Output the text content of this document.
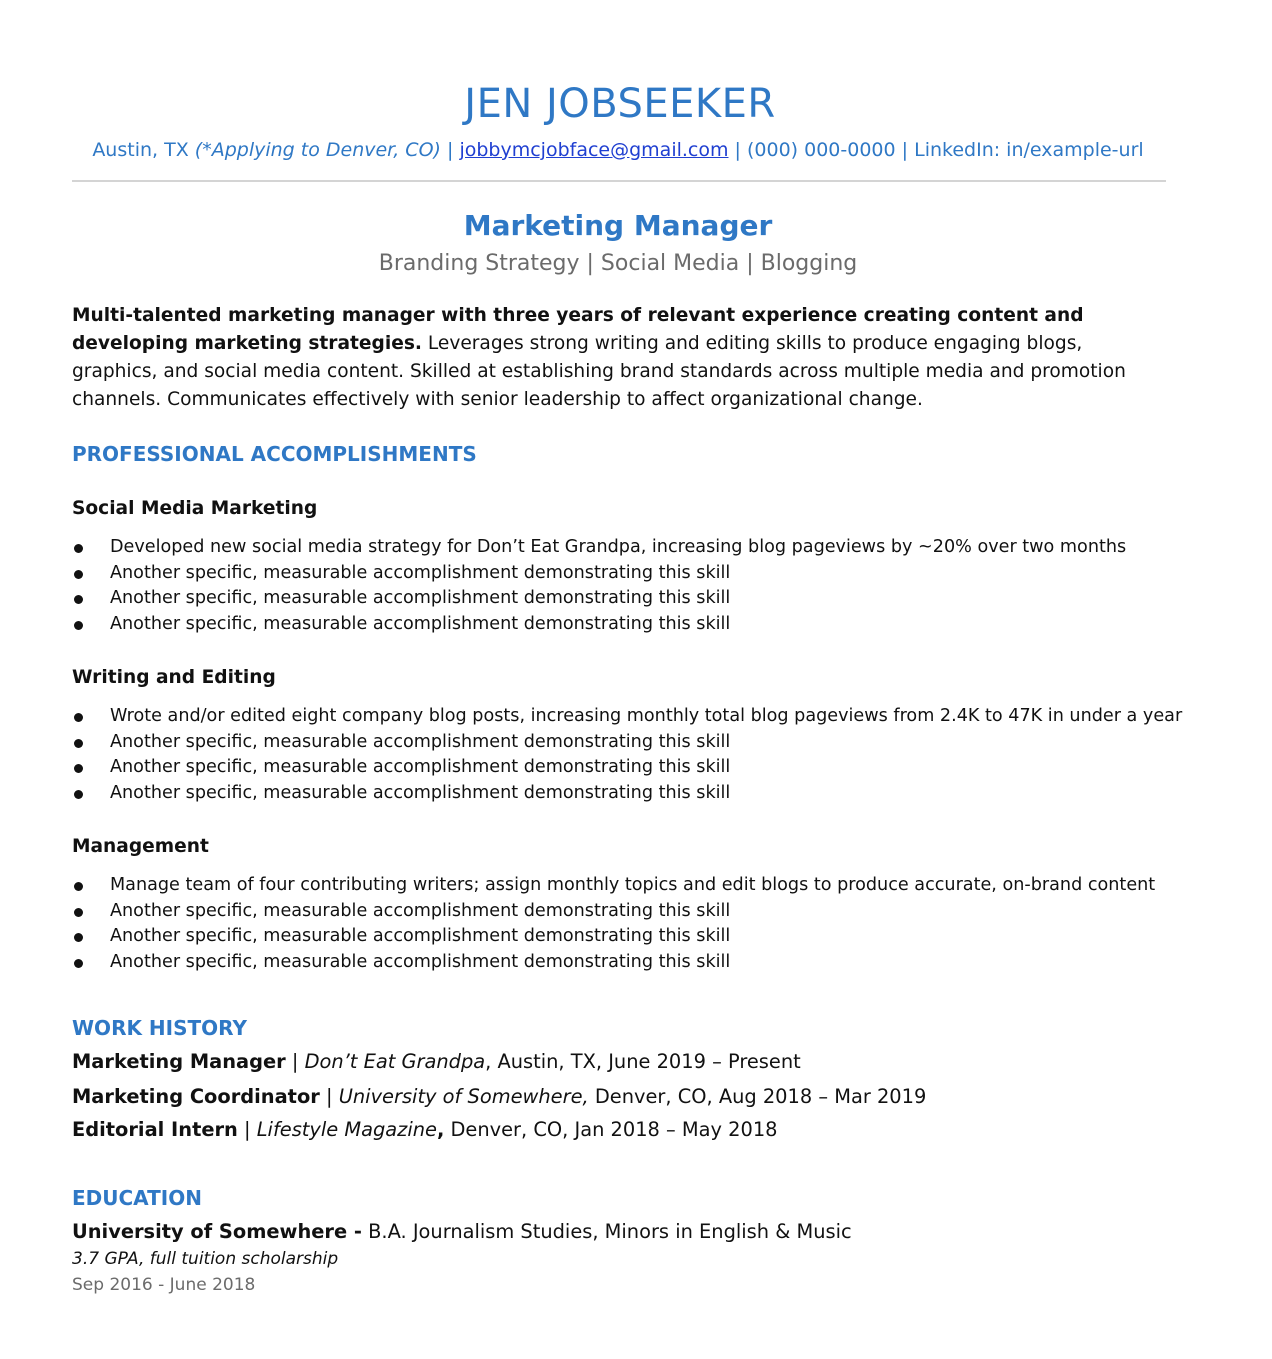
JEN JOBSEEKER
Austin, TX (*Applying to Denver, CO) | jobbymcjobface@gmail.com | (000) 000-0000 | LinkedIn: in/example-url
Marketing Manager
Branding Strategy | Social Media | Blogging
Multi-talented marketing manager with three years of relevant experience creating content and developing marketing strategies. Leverages strong writing and editing skills to produce engaging blogs, graphics, and social media content. Skilled at establishing brand standards across multiple media and promotion channels. Communicates effectively with senior leadership to affect organizational change.
PROFESSIONAL ACCOMPLISHMENTS
Social Media Marketing
Developed new social media strategy for Don’t Eat Grandpa, increasing blog pageviews by ~20% over two months
Another specific, measurable accomplishment demonstrating this skill
Another specific, measurable accomplishment demonstrating this skill
Another specific, measurable accomplishment demonstrating this skill
Writing and Editing
Wrote and/or edited eight company blog posts, increasing monthly total blog pageviews from 2.4K to 47K in under a year
Another specific, measurable accomplishment demonstrating this skill
Another specific, measurable accomplishment demonstrating this skill
Another specific, measurable accomplishment demonstrating this skill
Management
Manage team of four contributing writers; assign monthly topics and edit blogs to produce accurate, on-brand content
Another specific, measurable accomplishment demonstrating this skill
Another specific, measurable accomplishment demonstrating this skill
Another specific, measurable accomplishment demonstrating this skill
WORK HISTORY
Marketing Manager | Don’t Eat Grandpa, Austin, TX, June 2019 – Present
Marketing Coordinator | University of Somewhere, Denver, CO, Aug 2018 – Mar 2019
Editorial Intern | Lifestyle Magazine, Denver, CO, Jan 2018 – May 2018
EDUCATION
University of Somewhere - B.A. Journalism Studies, Minors in English & Music
3.7 GPA, full tuition scholarship
Sep 2016 - June 2018
